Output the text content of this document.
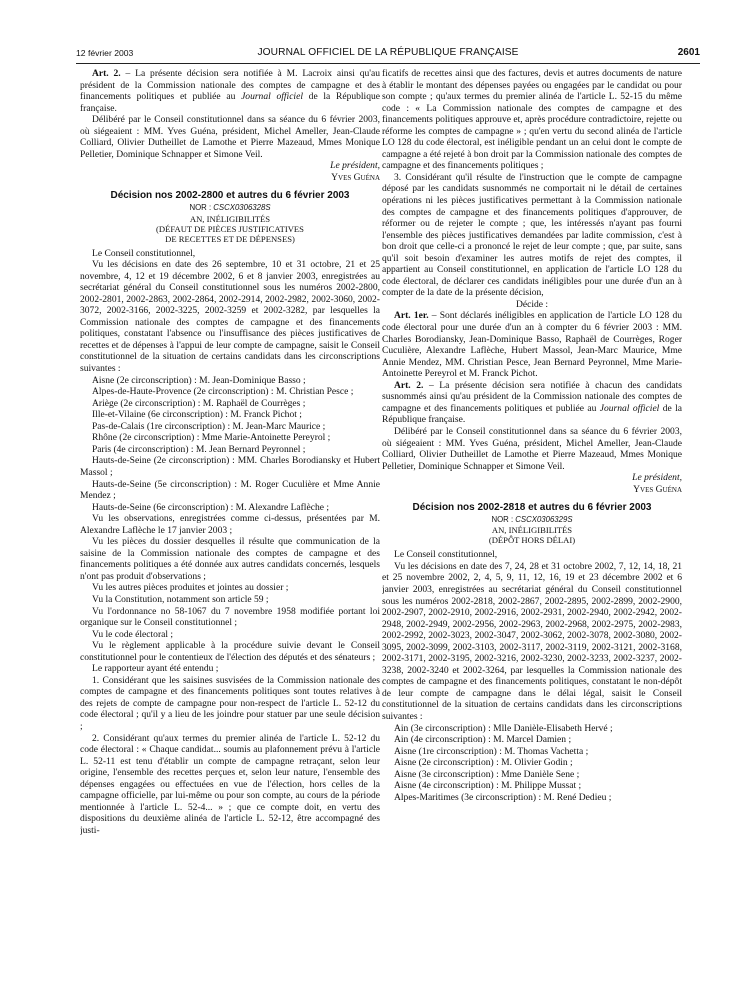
12 février 2003	JOURNAL OFFICIEL DE LA RÉPUBLIQUE FRANÇAISE	2601

Art. 2. – La présente décision sera notifiée à M. Lacroix ainsi qu'au président de la Commission nationale des comptes de campagne et des financements politiques et publiée au Journal officiel de la République française.

Délibéré par le Conseil constitutionnel dans sa séance du 6 février 2003, où siégeaient : MM. Yves Guéna, président, Michel Ameller, Jean-Claude Colliard, Olivier Dutheillet de Lamothe et Pierre Mazeaud, Mmes Monique Pelletier, Dominique Schnapper et Simone Veil.

Le président,

Yves Guéna

Décision nos 2002-2800 et autres du 6 février 2003

NOR : CSCX0306328S

AN, INÉLIGIBILITÉS

(DÉFAUT DE PIÈCES JUSTIFICATIVES

DE RECETTES ET DE DÉPENSES)

Le Conseil constitutionnel,

Vu les décisions en date des 26 septembre, 10 et 31 octobre, 21 et 25 novembre, 4, 12 et 19 décembre 2002, 6 et 8 janvier 2003, enregistrées au secrétariat général du Conseil constitutionnel sous les numéros 2002-2800, 2002-2801, 2002-2863, 2002-2864, 2002-2914, 2002-2982, 2002-3060, 2002-3072, 2002-3166, 2002-3225, 2002-3259 et 2002-3282, par lesquelles la Commission nationale des comptes de campagne et des financements politiques, constatant l'absence ou l'insuffisance des pièces justificatives de recettes et de dépenses à l'appui de leur compte de campagne, saisit le Conseil constitutionnel de la situation de certains candidats dans les circonscriptions suivantes :

Aisne (2e circonscription) : M. Jean-Dominique Basso ;

Alpes-de-Haute-Provence (2e circonscription) : M. Christian Pesce ;

Ariège (2e circonscription) : M. Raphaël de Courrèges ;

Ille-et-Vilaine (6e circonscription) : M. Franck Pichot ;

Pas-de-Calais (1re circonscription) : M. Jean-Marc Maurice ;

Rhône (2e circonscription) : Mme Marie-Antoinette Pereyrol ;

Paris (4e circonscription) : M. Jean Bernard Peyronnel ;

Hauts-de-Seine (2e circonscription) : MM. Charles Borodiansky et Hubert Massol ;

Hauts-de-Seine (5e circonscription) : M. Roger Cuculière et Mme Annie Mendez ;

Hauts-de-Seine (6e circonscription) : M. Alexandre Laflèche ;

Vu les observations, enregistrées comme ci-dessus, présentées par M. Alexandre Laflèche le 17 janvier 2003 ;

Vu les pièces du dossier desquelles il résulte que communication de la saisine de la Commission nationale des comptes de campagne et des financements politiques a été donnée aux autres candidats concernés, lesquels n'ont pas produit d'observations ;

Vu les autres pièces produites et jointes au dossier ;

Vu la Constitution, notamment son article 59 ;

Vu l'ordonnance no 58-1067 du 7 novembre 1958 modifiée portant loi organique sur le Conseil constitutionnel ;

Vu le code électoral ;

Vu le règlement applicable à la procédure suivie devant le Conseil constitutionnel pour le contentieux de l'élection des députés et des sénateurs ;

Le rapporteur ayant été entendu ;

1. Considérant que les saisines susvisées de la Commission nationale des comptes de campagne et des financements politiques sont toutes relatives à des rejets de compte de campagne pour non-respect de l'article L. 52-12 du code électoral ; qu'il y a lieu de les joindre pour statuer par une seule décision ;

2. Considérant qu'aux termes du premier alinéa de l'article L. 52-12 du code électoral : « Chaque candidat... soumis au plafonnement prévu à l'article L. 52-11 est tenu d'établir un compte de campagne retraçant, selon leur origine, l'ensemble des recettes perçues et, selon leur nature, l'ensemble des dépenses engagées ou effectuées en vue de l'élection, hors celles de la campagne officielle, par lui-même ou pour son compte, au cours de la période mentionnée à l'article L. 52-4... » ; que ce compte doit, en vertu des dispositions du deuxième alinéa de l'article L. 52-12, être accompagné des justi-

ficatifs de recettes ainsi que des factures, devis et autres documents de nature à établir le montant des dépenses payées ou engagées par le candidat ou pour son compte ; qu'aux termes du premier alinéa de l'article L. 52-15 du même code : « La Commission nationale des comptes de campagne et des financements politiques approuve et, après procédure contradictoire, rejette ou réforme les comptes de campagne » ; qu'en vertu du second alinéa de l'article LO 128 du code électoral, est inéligible pendant un an celui dont le compte de campagne a été rejeté à bon droit par la Commission nationale des comptes de campagne et des financements politiques ;

3. Considérant qu'il résulte de l'instruction que le compte de campagne déposé par les candidats susnommés ne comportait ni le détail de certaines opérations ni les pièces justificatives permettant à la Commission nationale des comptes de campagne et des financements politiques d'approuver, de réformer ou de rejeter le compte ; que, les intéressés n'ayant pas fourni l'ensemble des pièces justificatives demandées par ladite commission, c'est à bon droit que celle-ci a prononcé le rejet de leur compte ; que, par suite, sans qu'il soit besoin d'examiner les autres motifs de rejet des comptes, il appartient au Conseil constitutionnel, en application de l'article LO 128 du code électoral, de déclarer ces candidats inéligibles pour une durée d'un an à compter de la date de la présente décision,

Décide :

Art. 1er. – Sont déclarés inéligibles en application de l'article LO 128 du code électoral pour une durée d'un an à compter du 6 février 2003 : MM. Charles Borodiansky, Jean-Dominique Basso, Raphaël de Courrèges, Roger Cuculière, Alexandre Laflèche, Hubert Massol, Jean-Marc Maurice, Mme Annie Mendez, MM. Christian Pesce, Jean Bernard Peyronnel, Mme Marie-Antoinette Pereyrol et M. Franck Pichot.

Art. 2. – La présente décision sera notifiée à chacun des candidats susnommés ainsi qu'au président de la Commission nationale des comptes de campagne et des financements politiques et publiée au Journal officiel de la République française.

Délibéré par le Conseil constitutionnel dans sa séance du 6 février 2003, où siégeaient : MM. Yves Guéna, président, Michel Ameller, Jean-Claude Colliard, Olivier Dutheillet de Lamothe et Pierre Mazeaud, Mmes Monique Pelletier, Dominique Schnapper et Simone Veil.

Le président,

Yves Guéna

Décision nos 2002-2818 et autres du 6 février 2003

NOR : CSCX0306329S

AN, INÉLIGIBILITÉS

(DÉPÔT HORS DÉLAI)

Le Conseil constitutionnel,

Vu les décisions en date des 7, 24, 28 et 31 octobre 2002, 7, 12, 14, 18, 21 et 25 novembre 2002, 2, 4, 5, 9, 11, 12, 16, 19 et 23 décembre 2002 et 6 janvier 2003, enregistrées au secrétariat général du Conseil constitutionnel sous les numéros 2002-2818, 2002-2867, 2002-2895, 2002-2899, 2002-2900, 2002-2907, 2002-2910, 2002-2916, 2002-2931, 2002-2940, 2002-2942, 2002-2948, 2002-2949, 2002-2956, 2002-2963, 2002-2968, 2002-2975, 2002-2983, 2002-2992, 2002-3023, 2002-3047, 2002-3062, 2002-3078, 2002-3080, 2002-3095, 2002-3099, 2002-3103, 2002-3117, 2002-3119, 2002-3121, 2002-3168, 2002-3171, 2002-3195, 2002-3216, 2002-3230, 2002-3233, 2002-3237, 2002-3238, 2002-3240 et 2002-3264, par lesquelles la Commission nationale des comptes de campagne et des financements politiques, constatant le non-dépôt de leur compte de campagne dans le délai légal, saisit le Conseil constitutionnel de la situation de certains candidats dans les circonscriptions suivantes :

Ain (3e circonscription) : Mlle Danièle-Elisabeth Hervé ;

Ain (4e circonscription) : M. Marcel Damien ;

Aisne (1re circonscription) : M. Thomas Vachetta ;

Aisne (2e circonscription) : M. Olivier Godin ;

Aisne (3e circonscription) : Mme Danièle Sene ;

Aisne (4e circonscription) : M. Philippe Mussat ;

Alpes-Maritimes (3e circonscription) : M. René Dedieu ;
